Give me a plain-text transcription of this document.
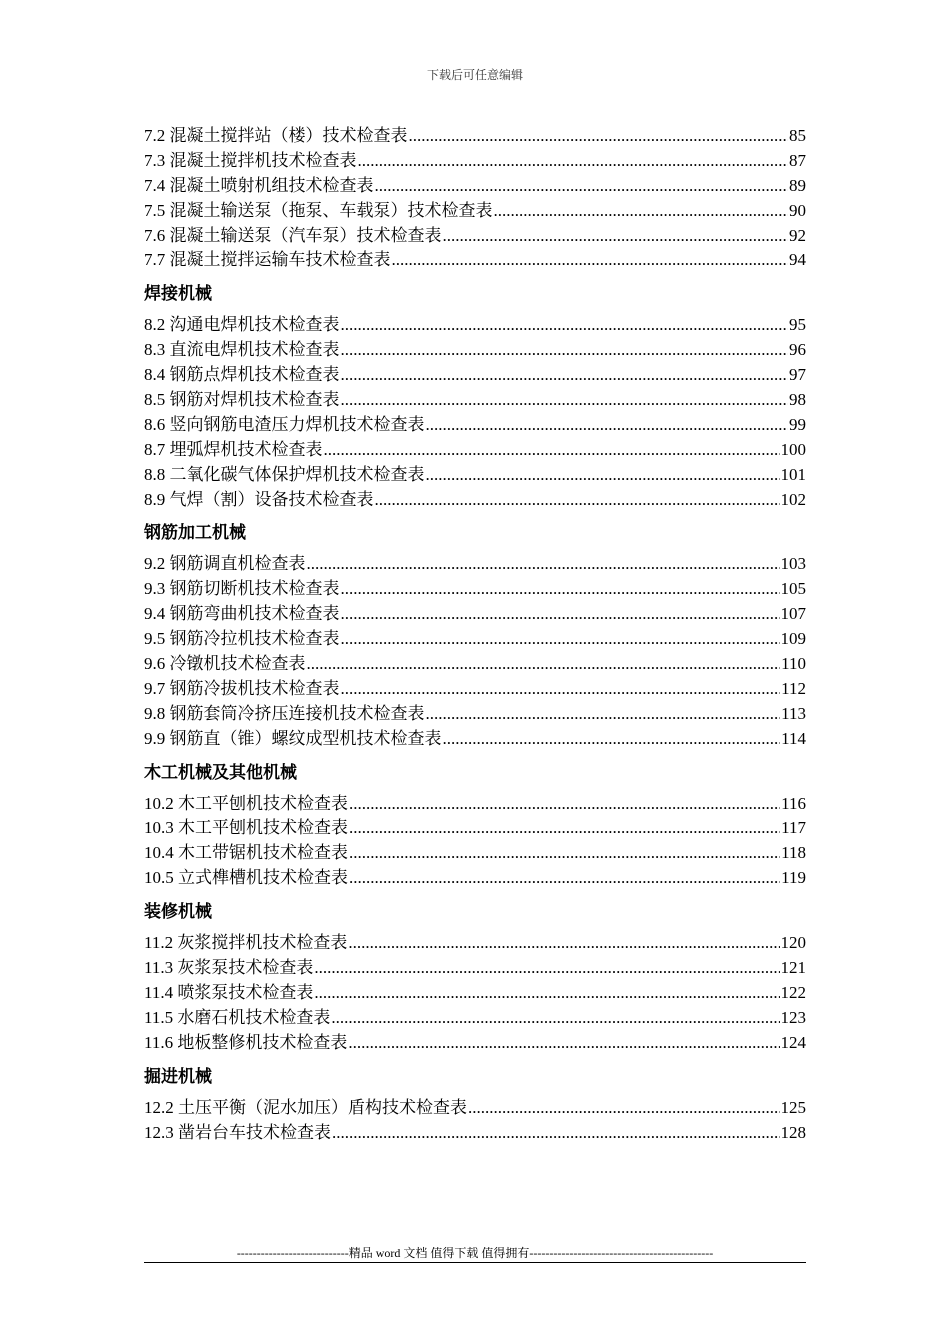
下载后可任意编辑
7.2 混凝土搅拌站（楼）技术检查表 .....	85
7.3 混凝土搅拌机技术检查表 .....	87
7.4 混凝土喷射机组技术检查表 .....	89
7.5 混凝土输送泵（拖泵、车载泵）技术检查表 .....	90
7.6 混凝土输送泵（汽车泵）技术检查表 .....	92
7.7 混凝土搅拌运输车技术检查表 .....	94
焊接机械
8.2 沟通电焊机技术检查表 .....	95
8.3 直流电焊机技术检查表 .....	96
8.4 钢筋点焊机技术检查表 .....	97
8.5 钢筋对焊机技术检查表 .....	98
8.6 竖向钢筋电渣压力焊机技术检查表 .....	99
8.7 埋弧焊机技术检查表 .....	100
8.8 二氧化碳气体保护焊机技术检查表 .....	101
8.9 气焊（割）设备技术检查表 .....	102
钢筋加工机械
9.2 钢筋调直机检查表 .....	103
9.3 钢筋切断机技术检查表 .....	105
9.4 钢筋弯曲机技术检查表 .....	107
9.5 钢筋冷拉机技术检查表 .....	109
9.6 冷镦机技术检查表 .....	110
9.7 钢筋冷拔机技术检查表 .....	112
9.8 钢筋套筒冷挤压连接机技术检查表 .....	113
9.9 钢筋直（锥）螺纹成型机技术检查表 .....	114
木工机械及其他机械
10.2 木工平刨机技术检查表 .....	116
10.3 木工平刨机技术检查表 .....	117
10.4 木工带锯机技术检查表 .....	118
10.5 立式榫槽机技术检查表 .....	119
装修机械
11.2 灰浆搅拌机技术检查表 .....	120
11.3 灰浆泵技术检查表 .....	121
11.4 喷浆泵技术检查表 .....	122
11.5 水磨石机技术检查表 .....	123
11.6 地板整修机技术检查表 .....	124
掘进机械
12.2 土压平衡（泥水加压）盾构技术检查表 .....	125
12.3 凿岩台车技术检查表 .....	128
----------------------------精品 word 文档 值得下载 值得拥有----------------------------------------------
